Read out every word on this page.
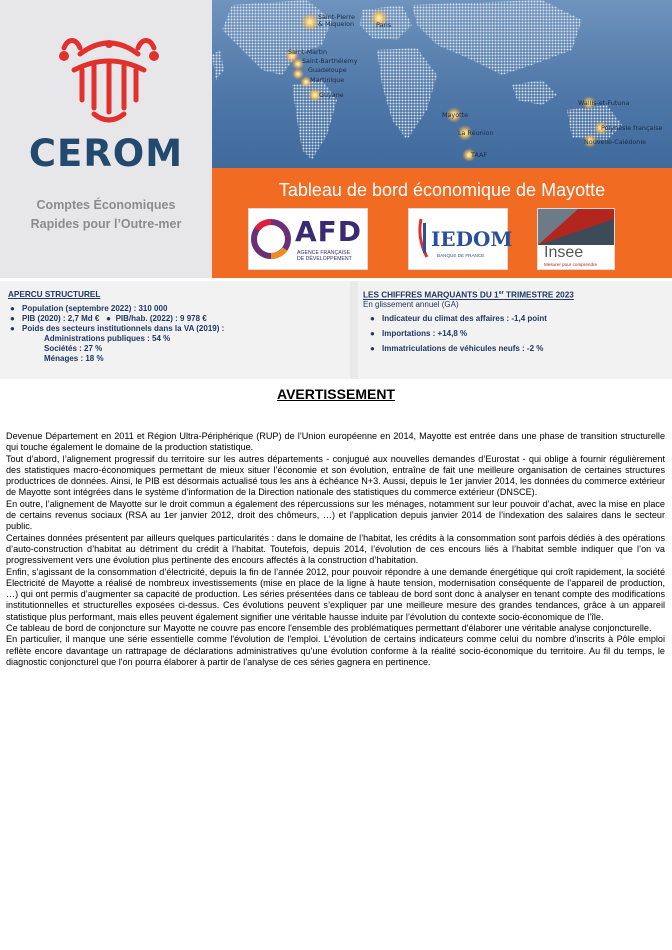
CEROM
Comptes Économiques
Rapides pour l’Outre-mer
Saint-Pierre
& Miquelon	Paris
Saint-Martin
Saint-Barthélemy
Guadeloupe
Martinique
Guyane
Mayotte
La Réunion
TAAF
Wallis-et-Futuna
Polynésie française
Nouvelle-Calédonie
Tableau de bord économique de Mayotte
AFD
AGENCE FRANÇAISE
DE DÉVELOPPEMENT
IEDOM
BANQUE DE FRANCE	Insee
Mesurer pour comprendre
APERCU STRUCTUREL
● Population (septembre 2022) : 310 000
● PIB (2020) : 2,7 Md € ● PIB/hab. (2022) : 9 978 €
● Poids des secteurs institutionnels dans la VA (2019) :
Administrations publiques : 54 %
Sociétés : 27 %
Ménages : 18 %
LES CHIFFRES MARQUANTS DU 1er TRIMESTRE 2023
En glissement annuel (GA)
● Indicateur du climat des affaires : -1,4 point
● Importations : +14,8 %
● Immatriculations de véhicules neufs : -2 %
AVERTISSEMENT

Devenue Département en 2011 et Région Ultra-Périphérique (RUP) de l’Union européenne en 2014, Mayotte est entrée dans une phase de transition structurelle qui touche également le domaine de la production statistique.

Tout d’abord, l’alignement progressif du territoire sur les autres départements - conjugué aux nouvelles demandes d’Eurostat - qui oblige à fournir régulièrement des statistiques macro-économiques permettant de mieux situer l’économie et son évolution, entraîne de fait une meilleure organisation de certaines structures productrices de données. Ainsi, le PIB est désormais actualisé tous les ans à échéance N+3. Aussi, depuis le 1er janvier 2014, les données du commerce extérieur de Mayotte sont intégrées dans le système d’information de la Direction nationale des statistiques du commerce extérieur (DNSCE).

En outre, l’alignement de Mayotte sur le droit commun a également des répercussions sur les ménages, notamment sur leur pouvoir d’achat, avec la mise en place de certains revenus sociaux (RSA au 1er janvier 2012, droit des chômeurs, …) et l’application depuis janvier 2014 de l’indexation des salaires dans le secteur public.

Certaines données présentent par ailleurs quelques particularités : dans le domaine de l’habitat, les crédits à la consommation sont parfois dédiés à des opérations d’auto-construction d’habitat au détriment du crédit à l’habitat. Toutefois, depuis 2014, l’évolution de ces encours liés à l’habitat semble indiquer que l’on va progressivement vers une évolution plus pertinente des encours affectés à la construction d’habitation.

Enfin, s’agissant de la consommation d’électricité, depuis la fin de l’année 2012, pour pouvoir répondre à une demande énergétique qui croît rapidement, la société Electricité de Mayotte a réalisé de nombreux investissements (mise en place de la ligne à haute tension, modernisation conséquente de l’appareil de production, …) qui ont permis d’augmenter sa capacité de production. Les séries présentées dans ce tableau de bord sont donc à analyser en tenant compte des modifications institutionnelles et structurelles exposées ci-dessus. Ces évolutions peuvent s’expliquer par une meilleure mesure des grandes tendances, grâce à un appareil statistique plus performant, mais elles peuvent également signifier une véritable hausse induite par l’évolution du contexte socio-économique de l’île.

Ce tableau de bord de conjoncture sur Mayotte ne couvre pas encore l'ensemble des problématiques permettant d'élaborer une véritable analyse conjoncturelle.

En particulier, il manque une série essentielle comme l'évolution de l'emploi. L'évolution de certains indicateurs comme celui du nombre d'inscrits à Pôle emploi reflète encore davantage un rattrapage de déclarations administratives qu'une évolution conforme à la réalité socio-économique du territoire. Au fil du temps, le diagnostic conjoncturel que l'on pourra élaborer à partir de l'analyse de ces séries gagnera en pertinence.
